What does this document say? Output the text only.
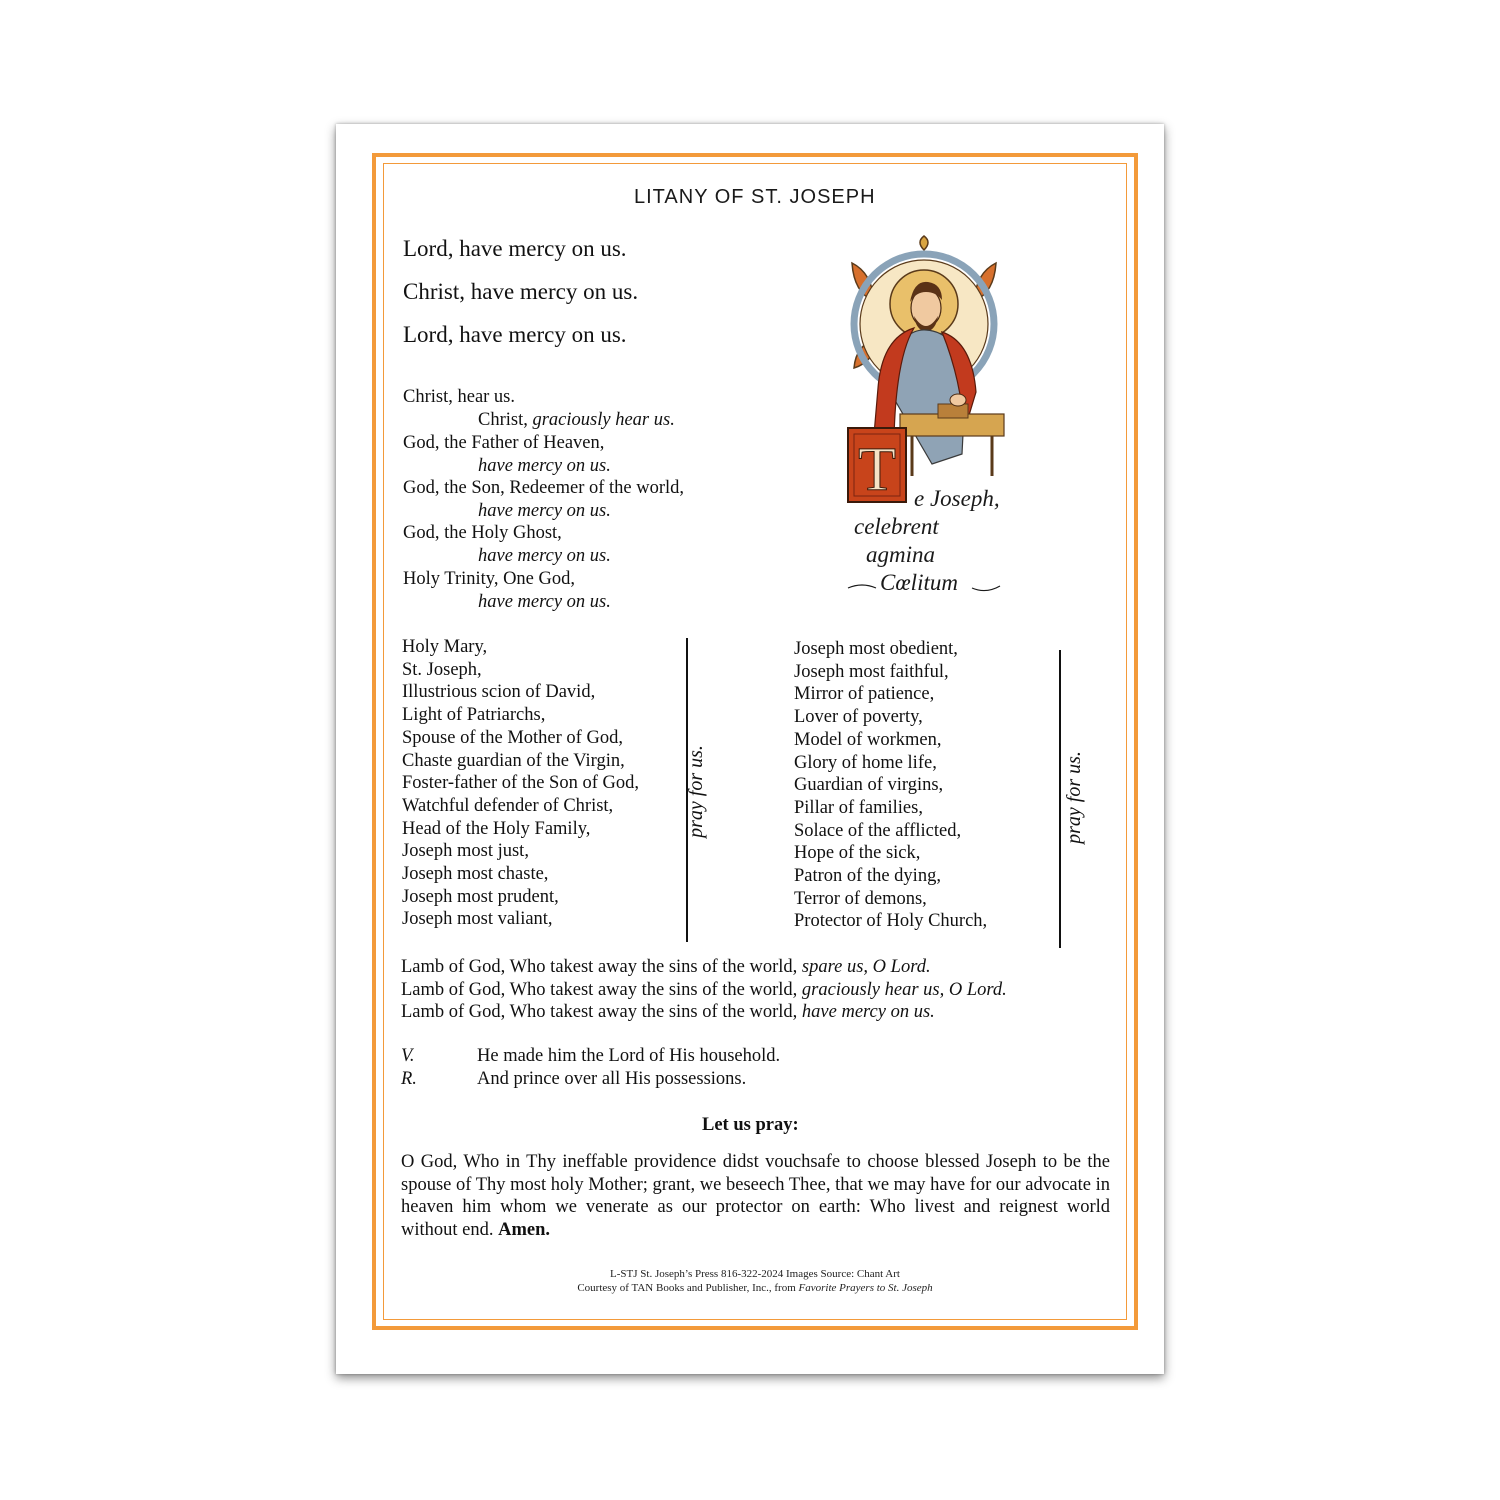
LITANY OF ST. JOSEPH
Lord, have mercy on us.
Christ, have mercy on us.
Lord, have mercy on us.
Christ, hear us.
Christ, graciously hear us.
God, the Father of Heaven,
have mercy on us.
God, the Son, Redeemer of the world,
have mercy on us.
God, the Holy Ghost,
have mercy on us.
Holy Trinity, One God,
have mercy on us.
T e Joseph,
celebrent
agmina
Cœlitum
Holy Mary,
St. Joseph,
Illustrious scion of David,
Light of Patriarchs,
Spouse of the Mother of God,
Chaste guardian of the Virgin,
Foster-father of the Son of God,
Watchful defender of Christ,
Head of the Holy Family,
Joseph most just,
Joseph most chaste,
Joseph most prudent,
Joseph most valiant,
pray for us.
Joseph most obedient,
Joseph most faithful,
Mirror of patience,
Lover of poverty,
Model of workmen,
Glory of home life,
Guardian of virgins,
Pillar of families,
Solace of the afflicted,
Hope of the sick,
Patron of the dying,
Terror of demons,
Protector of Holy Church,
pray for us.
Lamb of God, Who takest away the sins of the world, spare us, O Lord.
Lamb of God, Who takest away the sins of the world, graciously hear us, O Lord.
Lamb of God, Who takest away the sins of the world, have mercy on us.
V.	He made him the Lord of His household.
R.	And prince over all His possessions.
Let us pray:
O God, Who in Thy ineffable providence didst vouchsafe to choose blessed Joseph to be the spouse of Thy most holy Mother; grant, we beseech Thee, that we may have for our advocate in heaven him whom we venerate as our protector on earth: Who livest and reignest world without end. Amen.
L-STJ St. Joseph’s Press 816-322-2024 Images Source: Chant Art
Courtesy of TAN Books and Publisher, Inc., from Favorite Prayers to St. Joseph
